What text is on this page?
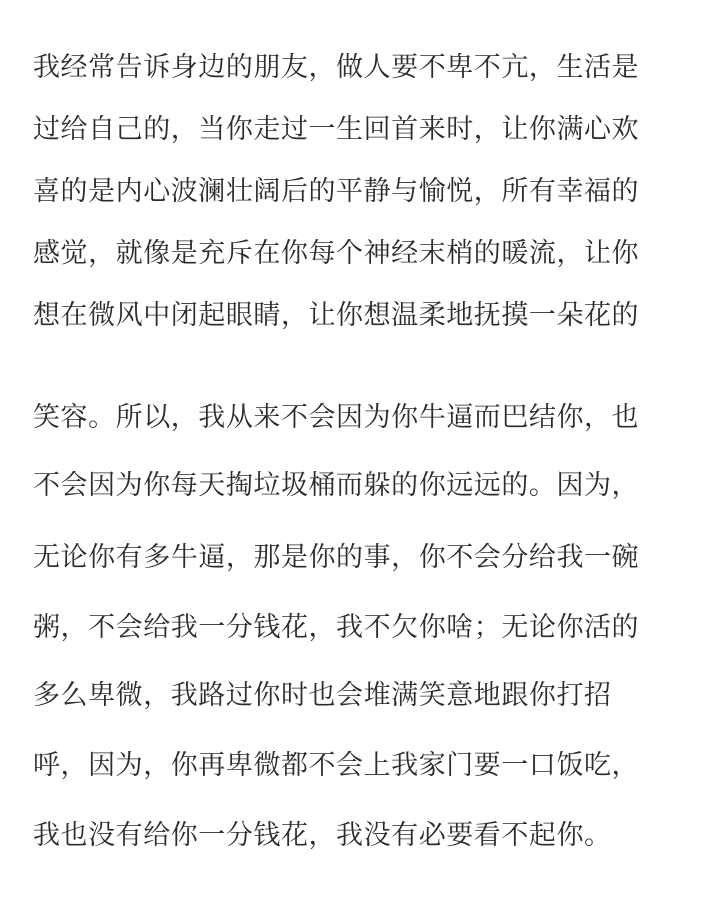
我经常告诉身边的朋友，做人要不卑不亢，生活是
过给自己的，当你走过一生回首来时，让你满心欢
喜的是内心波澜壮阔后的平静与愉悦，所有幸福的
感觉，就像是充斥在你每个神经末梢的暖流，让你
想在微风中闭起眼睛，让你想温柔地抚摸一朵花的
笑容。所以，我从来不会因为你牛逼而巴结你，也
不会因为你每天掏垃圾桶而躲的你远远的。因为，
无论你有多牛逼，那是你的事，你不会分给我一碗
粥，不会给我一分钱花，我不欠你啥；无论你活的
多么卑微，我路过你时也会堆满笑意地跟你打招
呼，因为，你再卑微都不会上我家门要一口饭吃，
我也没有给你一分钱花，我没有必要看不起你。
